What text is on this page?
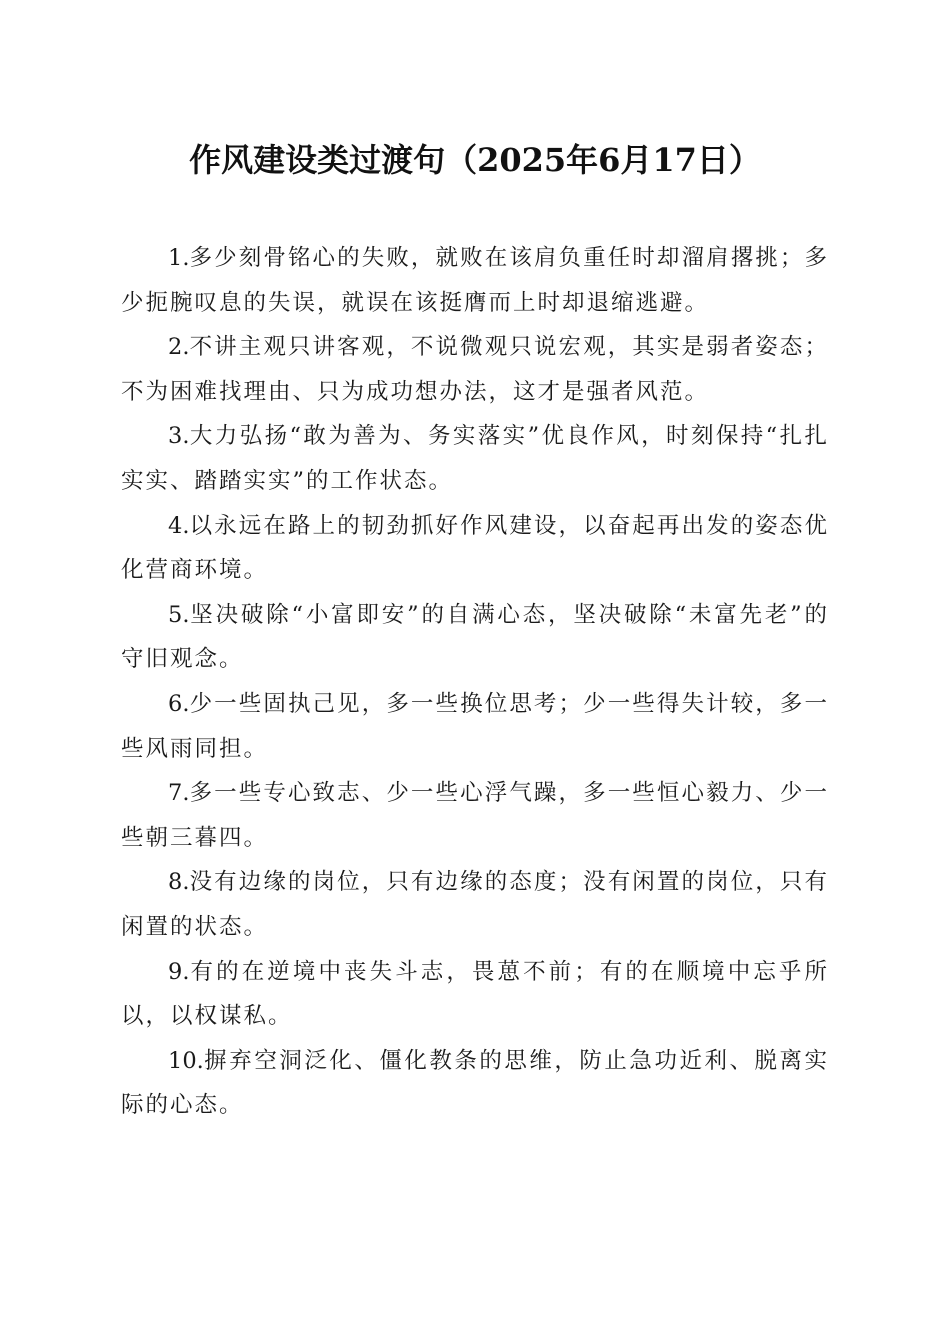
作风建设类过渡句（2025年6月17日）

1.多少刻骨铭心的失败，就败在该肩负重任时却溜肩撂挑；多少扼腕叹息的失误，就误在该挺膺而上时却退缩逃避。

2.不讲主观只讲客观，不说微观只说宏观，其实是弱者姿态；不为困难找理由、只为成功想办法，这才是强者风范。

3.大力弘扬“敢为善为、务实落实”优良作风，时刻保持“扎扎实实、踏踏实实”的工作状态。

4.以永远在路上的韧劲抓好作风建设，以奋起再出发的姿态优化营商环境。

5.坚决破除“小富即安”的自满心态，坚决破除“未富先老”的守旧观念。

6.少一些固执己见，多一些换位思考；少一些得失计较，多一些风雨同担。

7.多一些专心致志、少一些心浮气躁，多一些恒心毅力、少一些朝三暮四。

8.没有边缘的岗位，只有边缘的态度；没有闲置的岗位，只有闲置的状态。

9.有的在逆境中丧失斗志，畏葸不前；有的在顺境中忘乎所以，以权谋私。

10.摒弃空洞泛化、僵化教条的思维，防止急功近利、脱离实际的心态。
